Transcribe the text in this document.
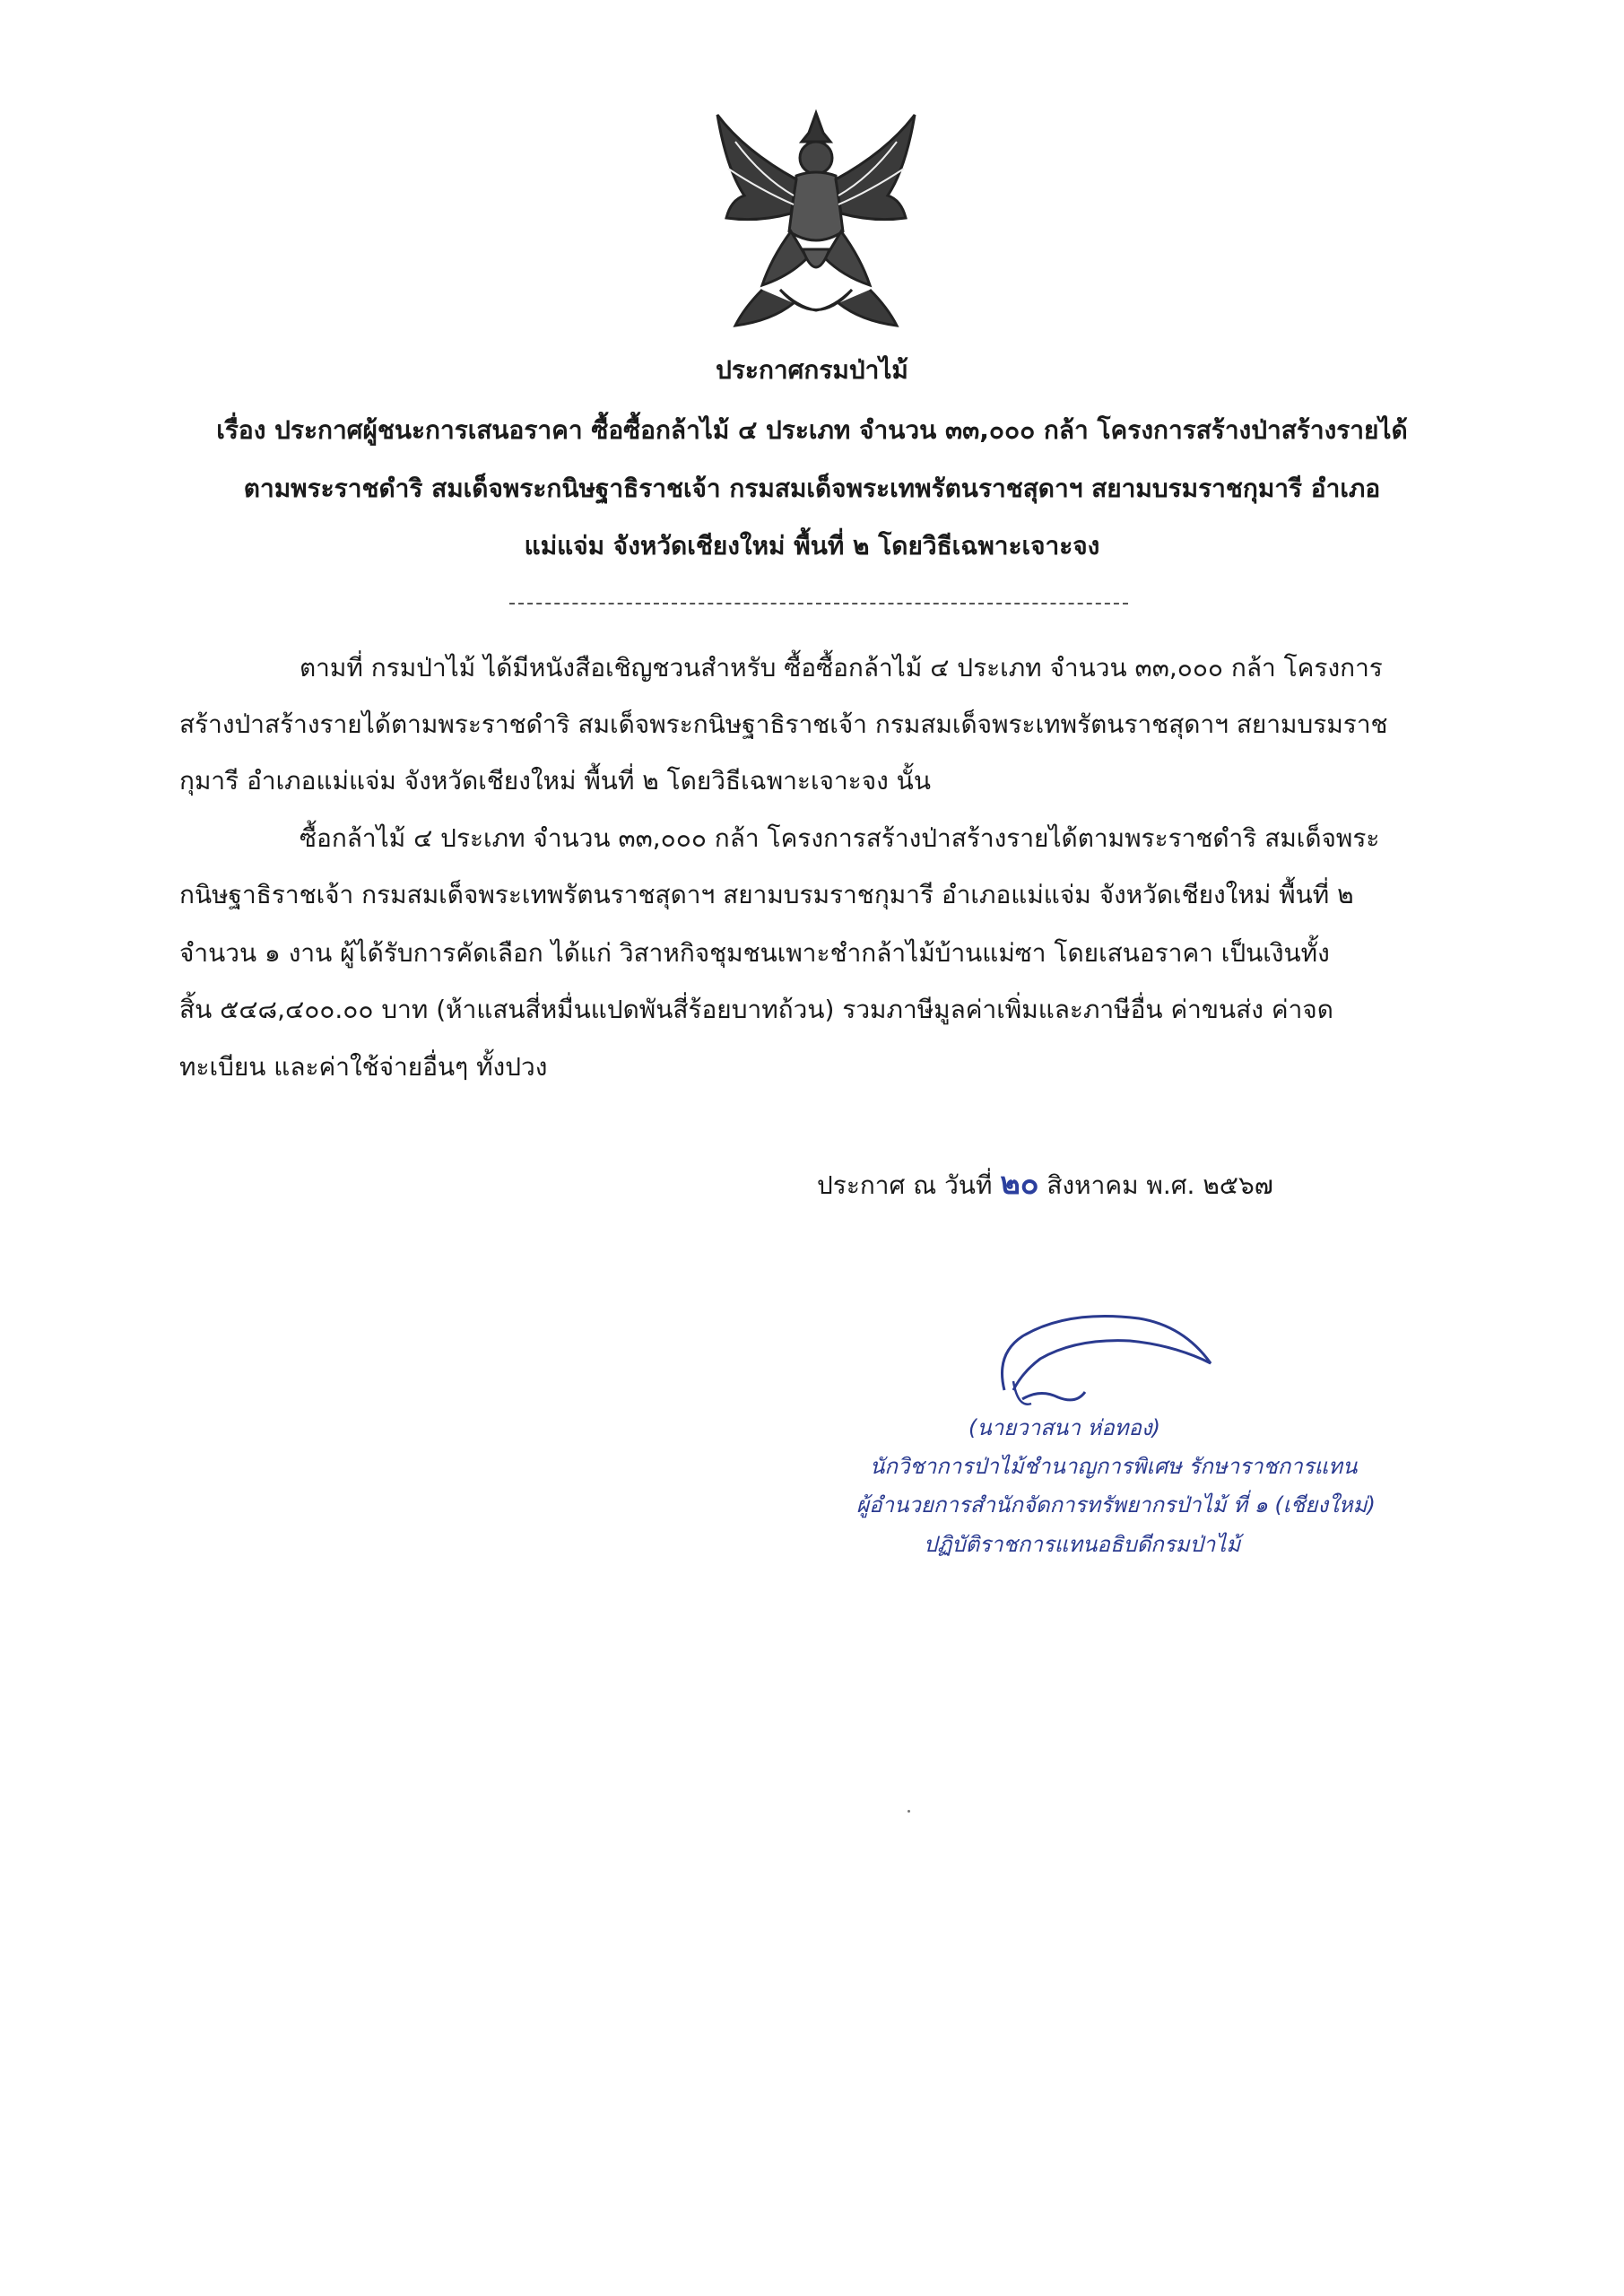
ประกาศกรมป่าไม้
เรื่อง ประกาศผู้ชนะการเสนอราคา ซื้อซื้อกล้าไม้ ๔ ประเภท จำนวน ๓๓,๐๐๐ กล้า โครงการสร้างป่าสร้างรายได้
ตามพระราชดำริ สมเด็จพระกนิษฐาธิราชเจ้า กรมสมเด็จพระเทพรัตนราชสุดาฯ สยามบรมราชกุมารี อำเภอ
แม่แจ่ม จังหวัดเชียงใหม่ พื้นที่ ๒ โดยวิธีเฉพาะเจาะจง
ตามที่ กรมป่าไม้ ได้มีหนังสือเชิญชวนสำหรับ ซื้อซื้อกล้าไม้ ๔ ประเภท จำนวน ๓๓,๐๐๐ กล้า โครงการ
สร้างป่าสร้างรายได้ตามพระราชดำริ สมเด็จพระกนิษฐาธิราชเจ้า กรมสมเด็จพระเทพรัตนราชสุดาฯ สยามบรมราช
กุมารี อำเภอแม่แจ่ม จังหวัดเชียงใหม่ พื้นที่ ๒ โดยวิธีเฉพาะเจาะจง นั้น
ซื้อกล้าไม้ ๔ ประเภท จำนวน ๓๓,๐๐๐ กล้า โครงการสร้างป่าสร้างรายได้ตามพระราชดำริ สมเด็จพระ
กนิษฐาธิราชเจ้า กรมสมเด็จพระเทพรัตนราชสุดาฯ สยามบรมราชกุมารี อำเภอแม่แจ่ม จังหวัดเชียงใหม่ พื้นที่ ๒
จำนวน ๑ งาน ผู้ได้รับการคัดเลือก ได้แก่ วิสาหกิจชุมชนเพาะชำกล้าไม้บ้านแม่ซา โดยเสนอราคา เป็นเงินทั้ง
สิ้น ๕๔๘,๔๐๐.๐๐ บาท (ห้าแสนสี่หมื่นแปดพันสี่ร้อยบาทถ้วน) รวมภาษีมูลค่าเพิ่มและภาษีอื่น ค่าขนส่ง ค่าจด
ทะเบียน และค่าใช้จ่ายอื่นๆ ทั้งปวง
ประกาศ ณ วันที่ ๒๐ สิงหาคม พ.ศ. ๒๕๖๗
(นายวาสนา ห่อทอง)
นักวิชาการป่าไม้ชำนาญการพิเศษ รักษาราชการแทน
ผู้อำนวยการสำนักจัดการทรัพยากรป่าไม้ ที่ ๑ (เชียงใหม่)
ปฏิบัติราชการแทนอธิบดีกรมป่าไม้
